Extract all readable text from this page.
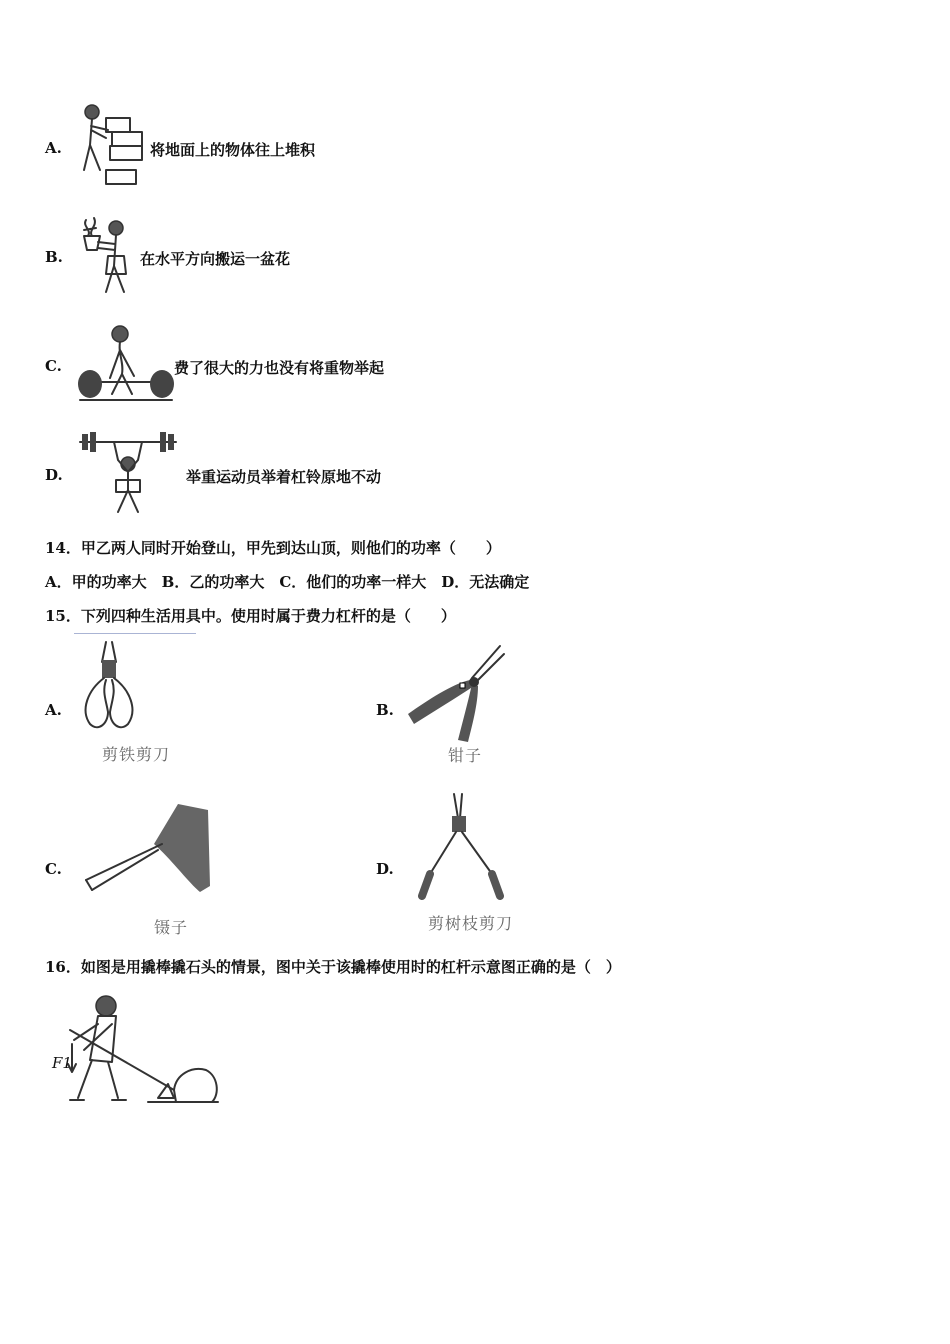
A.	将地面上的物体往上堆积
B.	在水平方向搬运一盆花
C.	费了很大的力也没有将重物举起
D.	举重运动员举着杠铃原地不动
14．甲乙两人同时开始登山，甲先到达山顶，则他们的功率（　　）
A．甲的功率大　B．乙的功率大　C．他们的功率一样大　D．无法确定
15．下列四种生活用具中。使用时属于费力杠杆的是（　　）
A.
剪铁剪刀
B.
钳子
C.
镊子
D.
剪树枝剪刀
16．如图是用撬棒撬石头的情景，图中关于该撬棒使用时的杠杆示意图正确的是（　）
F1
